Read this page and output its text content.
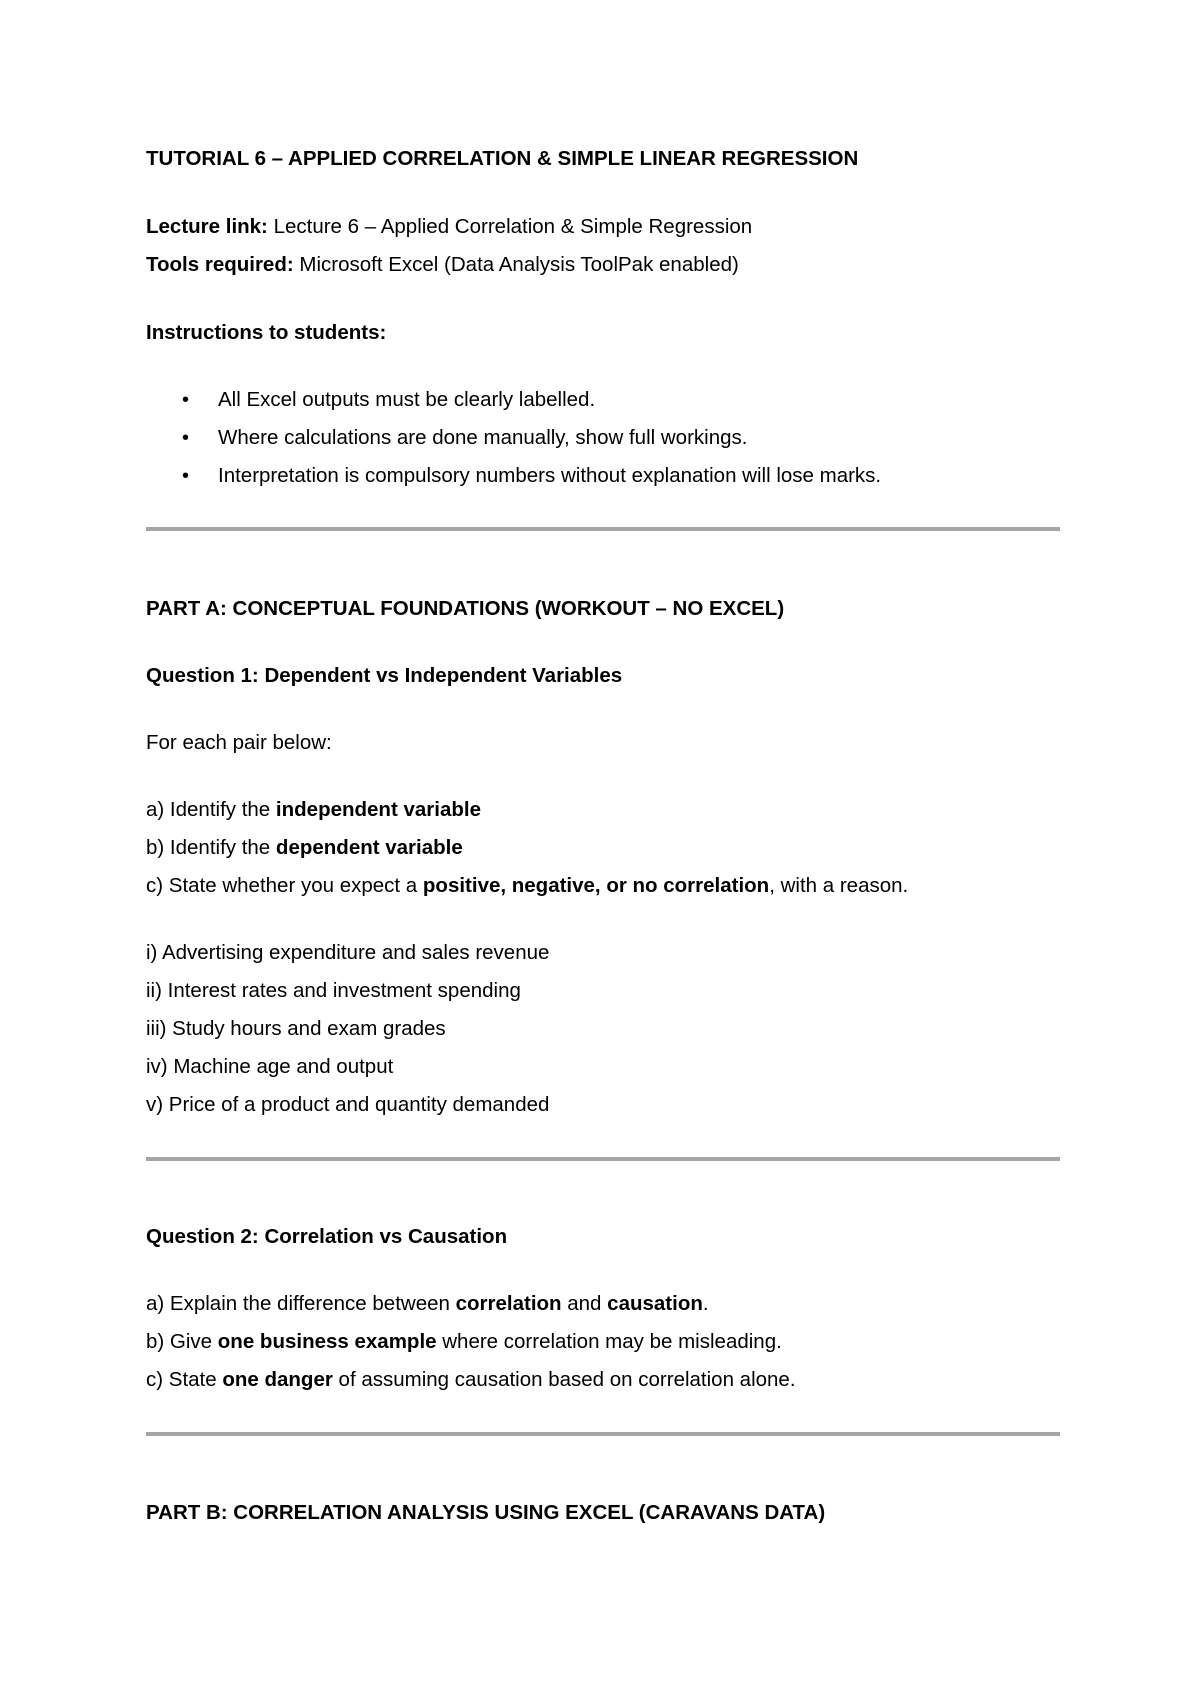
TUTORIAL 6 – APPLIED CORRELATION & SIMPLE LINEAR REGRESSION
Lecture link: Lecture 6 – Applied Correlation & Simple Regression
Tools required: Microsoft Excel (Data Analysis ToolPak enabled)
Instructions to students:
• All Excel outputs must be clearly labelled.
• Where calculations are done manually, show full workings.
• Interpretation is compulsory numbers without explanation will lose marks.
PART A: CONCEPTUAL FOUNDATIONS (WORKOUT – NO EXCEL)
Question 1: Dependent vs Independent Variables
For each pair below:
a) Identify the independent variable
b) Identify the dependent variable
c) State whether you expect a positive, negative, or no correlation, with a reason.
i) Advertising expenditure and sales revenue
ii) Interest rates and investment spending
iii) Study hours and exam grades
iv) Machine age and output
v) Price of a product and quantity demanded
Question 2: Correlation vs Causation
a) Explain the difference between correlation and causation.
b) Give one business example where correlation may be misleading.
c) State one danger of assuming causation based on correlation alone.
PART B: CORRELATION ANALYSIS USING EXCEL (CARAVANS DATA)
